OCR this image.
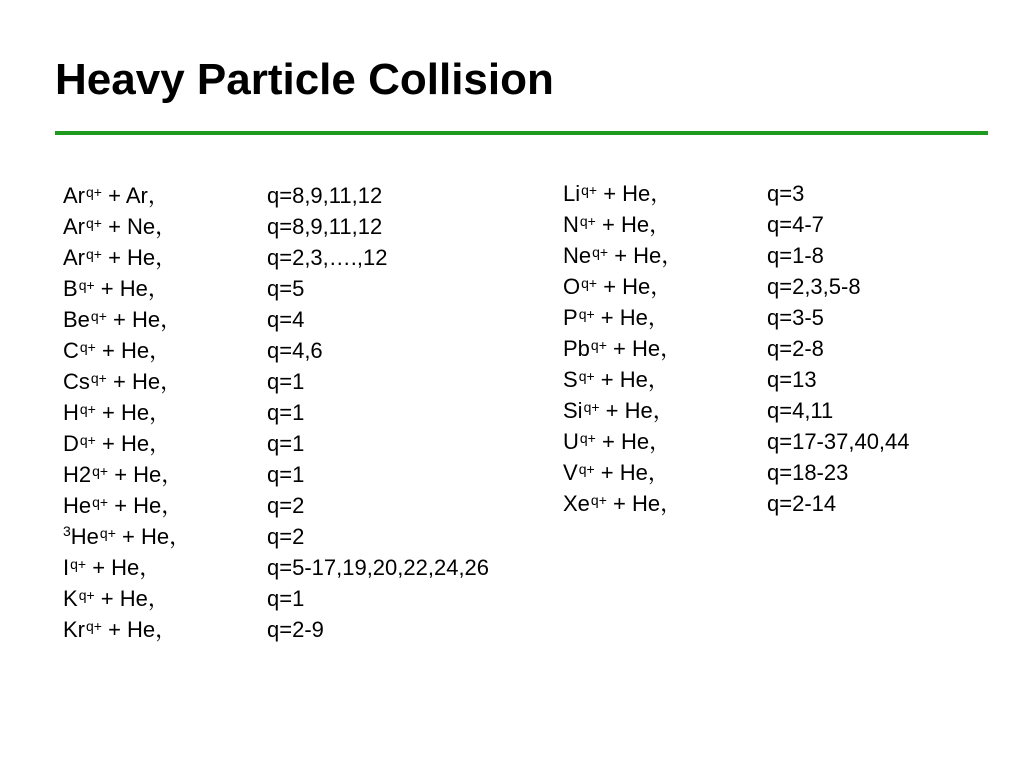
Heavy Particle Collision
$Ar^{q+} + Ar$，	q=8,9,11,12
$Ar^{q+} + Ne$，	q=8,9,11,12
$Ar^{q+} + He$，	q=2,3,….,12
$B^{q+} + He$，	q=5
$Be^{q+} + He$，	q=4
$C^{q+} + He$，	q=4,6
$Cs^{q+} + He$，	q=1
$H^{q+} + He$，	q=1
$D^{q+} + He$，	q=1
$H2^{q+} + He$，	q=1
$He^{q+} + He$，	q=2
$^3He^{q+} + He$，	q=2
$I^{q+} + He$，	q=5-17,19,20,22,24,26
$K^{q+} + He$，	q=1
$Kr^{q+} + He$，	q=2-9
$Li^{q+} + He$，	q=3
$N^{q+} + He$，	q=4-7
$Ne^{q+} + He$，	q=1-8
$O^{q+} + He$，	q=2,3,5-8
$P^{q+} + He$，	q=3-5
$Pb^{q+} + He$，	q=2-8
$S^{q+} + He$，	q=13
$Si^{q+} + He$，	q=4,11
$U^{q+} + He$，	q=17-37,40,44
$V^{q+} + He$，	q=18-23
$Xe^{q+} + He$，	q=2-14
